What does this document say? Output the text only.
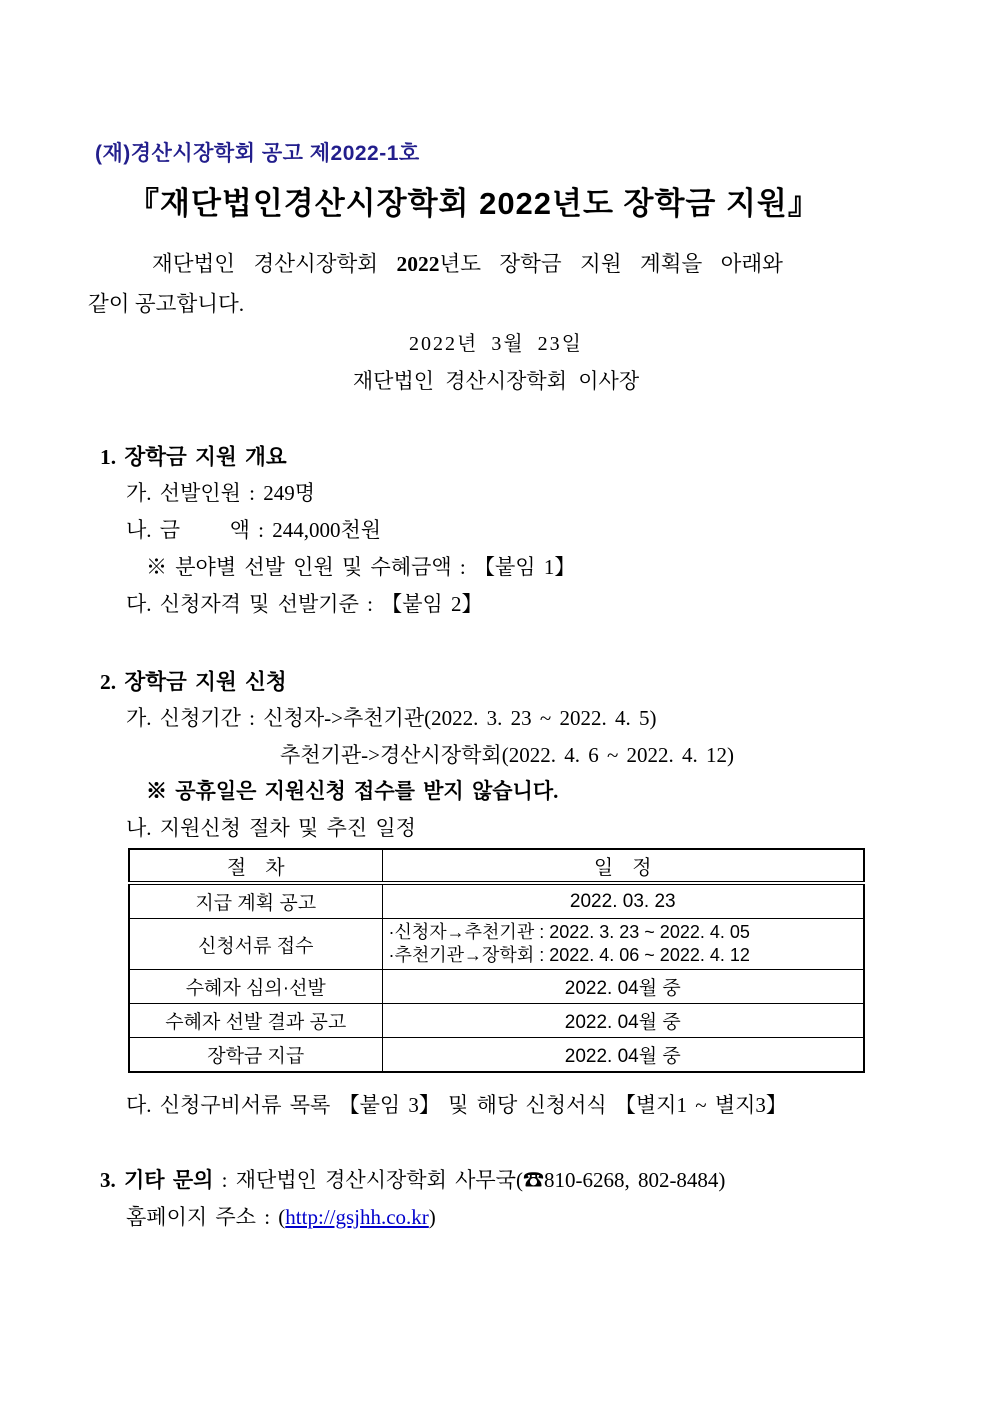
(재)경산시장학회 공고 제2022-1호
『재단법인경산시장학회 2022년도 장학금 지원』
재단법인 경산시장학회 2022년도 장학금 지원 계획을 아래와
같이 공고합니다.
2022년 3월 23일
재단법인 경산시장학회 이사장
1. 장학금 지원 개요
가. 선발인원 : 249명
나. 금      액 : 244,000천원
※ 분야별 선발 인원 및 수혜금액 : 【붙임 1】
다. 신청자격 및 선발기준 : 【붙임 2】
2. 장학금 지원 신청
가. 신청기간 : 신청자->추천기관(2022. 3. 23 ~ 2022. 4. 5)
추천기관->경산시장학회(2022. 4. 6 ~ 2022. 4. 12)
※ 공휴일은 지원신청 접수를 받지 않습니다.
나. 지원신청 절차 및 추진 일정
절 차	일 정
지급 계획 공고	2022. 03. 23
신청서류 접수	·신청자→추천기관 : 2022. 3. 23 ~ 2022. 4. 05
·추천기관→장학회 : 2022. 4. 06 ~ 2022. 4. 12
수혜자 심의·선발	2022. 04월 중
수혜자 선발 결과 공고	2022. 04월 중
장학금 지급	2022. 04월 중
다. 신청구비서류 목록 【붙임 3】 및 해당 신청서식 【별지1 ~ 별지3】
3. 기타 문의 : 재단법인 경산시장학회 사무국(☎810-6268, 802-8484)
홈페이지 주소 : (http://gsjhh.co.kr)
